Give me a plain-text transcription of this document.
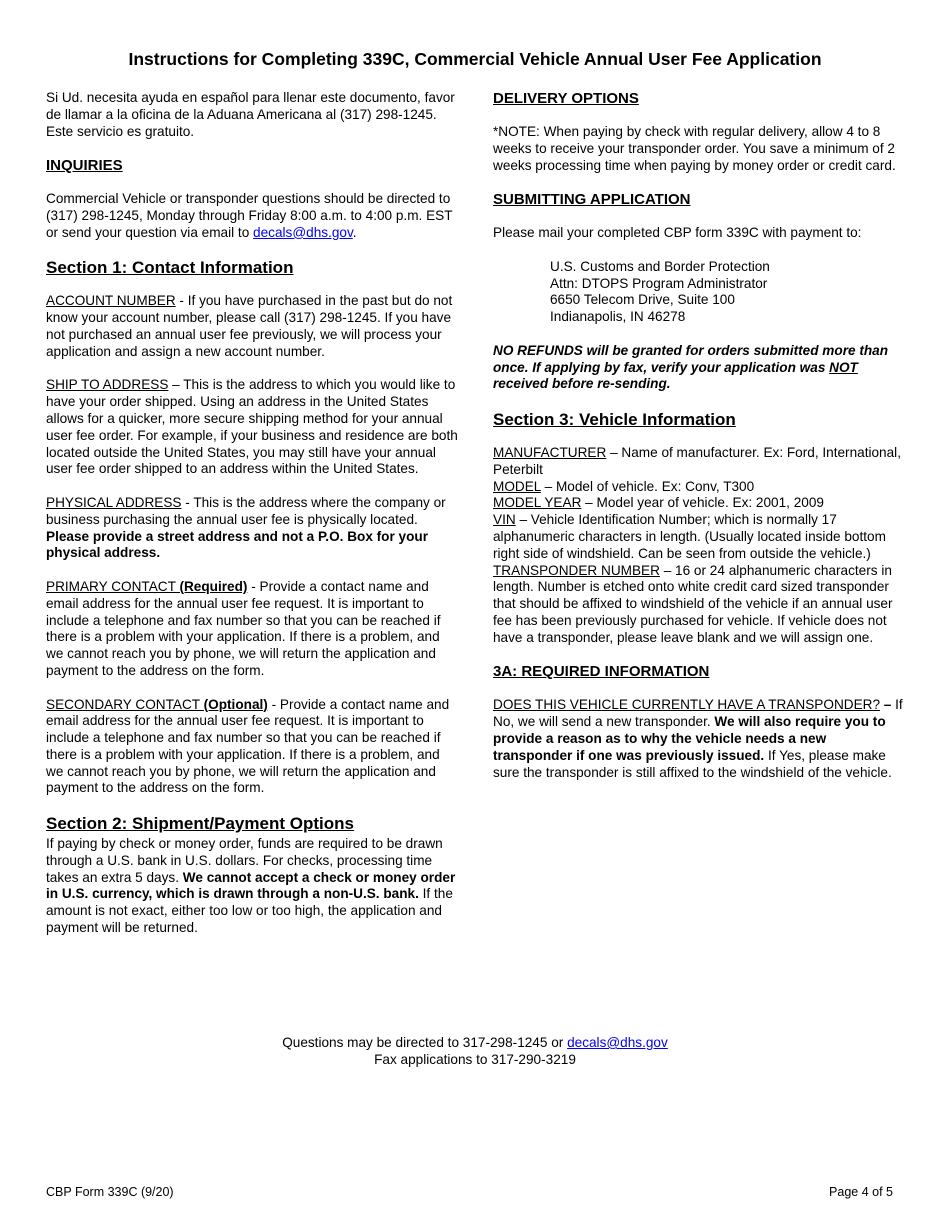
Instructions for Completing 339C, Commercial Vehicle Annual User Fee Application

Si Ud. necesita ayuda en español para llenar este documento, favor de llamar a la oficina de la Aduana Americana al (317) 298-1245. Este servicio es gratuito.

INQUIRIES

Commercial Vehicle or transponder questions should be directed to (317) 298-1245, Monday through Friday 8:00 a.m. to 4:00 p.m. EST or send your question via email to decals@dhs.gov.

Section 1: Contact Information

ACCOUNT NUMBER - If you have purchased in the past but do not know your account number, please call (317) 298-1245. If you have not purchased an annual user fee previously, we will process your application and assign a new account number.

SHIP TO ADDRESS – This is the address to which you would like to have your order shipped. Using an address in the United States allows for a quicker, more secure shipping method for your annual user fee order. For example, if your business and residence are both located outside the United States, you may still have your annual user fee order shipped to an address within the United States.

PHYSICAL ADDRESS - This is the address where the company or business purchasing the annual user fee is physically located. Please provide a street address and not a P.O. Box for your physical address.

PRIMARY CONTACT (Required) - Provide a contact name and email address for the annual user fee request. It is important to include a telephone and fax number so that you can be reached if there is a problem with your application. If there is a problem, and we cannot reach you by phone, we will return the application and payment to the address on the form.

SECONDARY CONTACT (Optional) - Provide a contact name and email address for the annual user fee request. It is important to include a telephone and fax number so that you can be reached if there is a problem with your application. If there is a problem, and we cannot reach you by phone, we will return the application and payment to the address on the form.

Section 2: Shipment/Payment Options

If paying by check or money order, funds are required to be drawn through a U.S. bank in U.S. dollars. For checks, processing time takes an extra 5 days. We cannot accept a check or money order in U.S. currency, which is drawn through a non-U.S. bank. If the amount is not exact, either too low or too high, the application and payment will be returned.

DELIVERY OPTIONS

*NOTE: When paying by check with regular delivery, allow 4 to 8 weeks to receive your transponder order. You save a minimum of 2 weeks processing time when paying by money order or credit card.

SUBMITTING APPLICATION

Please mail your completed CBP form 339C with payment to:

U.S. Customs and Border Protection
Attn: DTOPS Program Administrator
6650 Telecom Drive, Suite 100
Indianapolis, IN 46278

NO REFUNDS will be granted for orders submitted more than once. If applying by fax, verify your application was NOT received before re-sending.

Section 3: Vehicle Information

MANUFACTURER – Name of manufacturer. Ex: Ford, International, Peterbilt
MODEL – Model of vehicle. Ex: Conv, T300
MODEL YEAR – Model year of vehicle. Ex: 2001, 2009
VIN – Vehicle Identification Number; which is normally 17 alphanumeric characters in length. (Usually located inside bottom right side of windshield. Can be seen from outside the vehicle.)
TRANSPONDER NUMBER – 16 or 24 alphanumeric characters in length. Number is etched onto white credit card sized transponder that should be affixed to windshield of the vehicle if an annual user fee has been previously purchased for vehicle. If vehicle does not have a transponder, please leave blank and we will assign one.

3A: REQUIRED INFORMATION

DOES THIS VEHICLE CURRENTLY HAVE A TRANSPONDER? – If No, we will send a new transponder. We will also require you to provide a reason as to why the vehicle needs a new transponder if one was previously issued. If Yes, please make sure the transponder is still affixed to the windshield of the vehicle.

Questions may be directed to 317-298-1245 or decals@dhs.gov
Fax applications to 317-290-3219
CBP Form 339C (9/20)	Page 4 of 5
